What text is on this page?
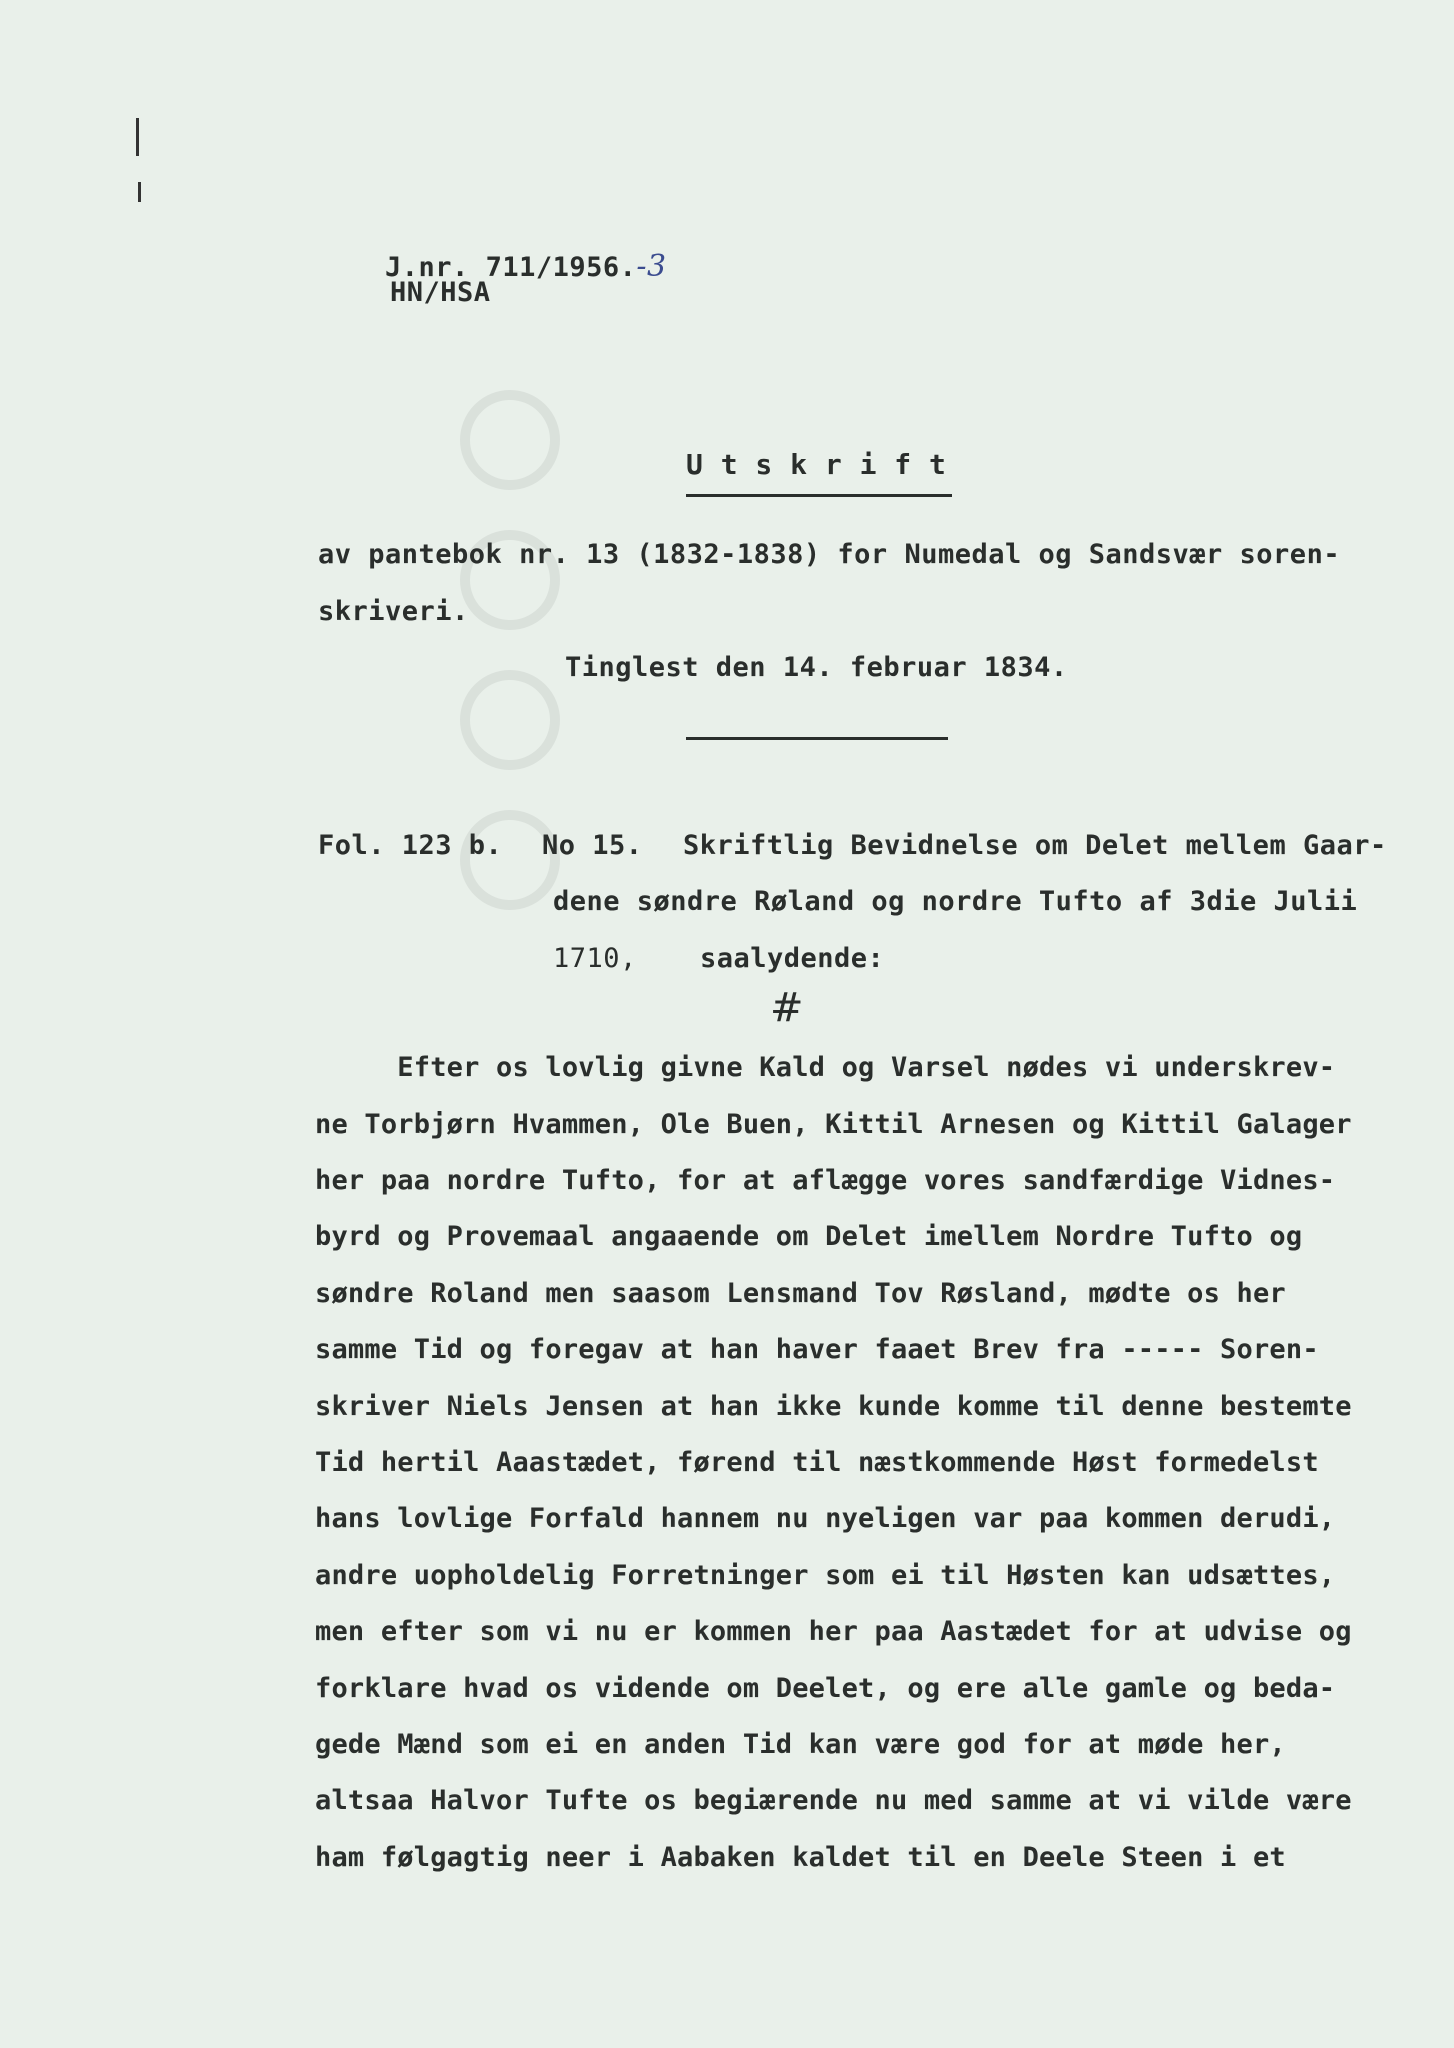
J.nr. 711/1956.-3

HN/HSA
U t s k r i f t
av pantebok nr. 13 (1832-1838) for Numedal og Sandsvær soren-
skriveri.
Tinglest den 14. februar 1834.
Fol. 123 b. No 15. Skriftlig Bevidnelse om Delet mellem Gaar-
dene søndre Røland og nordre Tufto af 3die Julii
1710, saalydende:
#
Efter os lovlig givne Kald og Varsel nødes vi underskrev-
ne Torbjørn Hvammen, Ole Buen, Kittil Arnesen og Kittil Galager
her paa nordre Tufto, for at aflægge vores sandfærdige Vidnes-
byrd og Provemaal angaaende om Delet imellem Nordre Tufto og
søndre Roland men saasom Lensmand Tov Røsland, mødte os her
samme Tid og foregav at han haver faaet Brev fra ----- Soren-
skriver Niels Jensen at han ikke kunde komme til denne bestemte
Tid hertil Aaastædet, førend til næstkommende Høst formedelst
hans lovlige Forfald hannem nu nyeligen var paa kommen derudi,
andre uopholdelig Forretninger som ei til Høsten kan udsættes,
men efter som vi nu er kommen her paa Aastædet for at udvise og
forklare hvad os vidende om Deelet, og ere alle gamle og beda-
gede Mænd som ei en anden Tid kan være god for at møde her,
altsaa Halvor Tufte os begiærende nu med samme at vi vilde være
ham følgagtig neer i Aabaken kaldet til en Deele Steen i et
